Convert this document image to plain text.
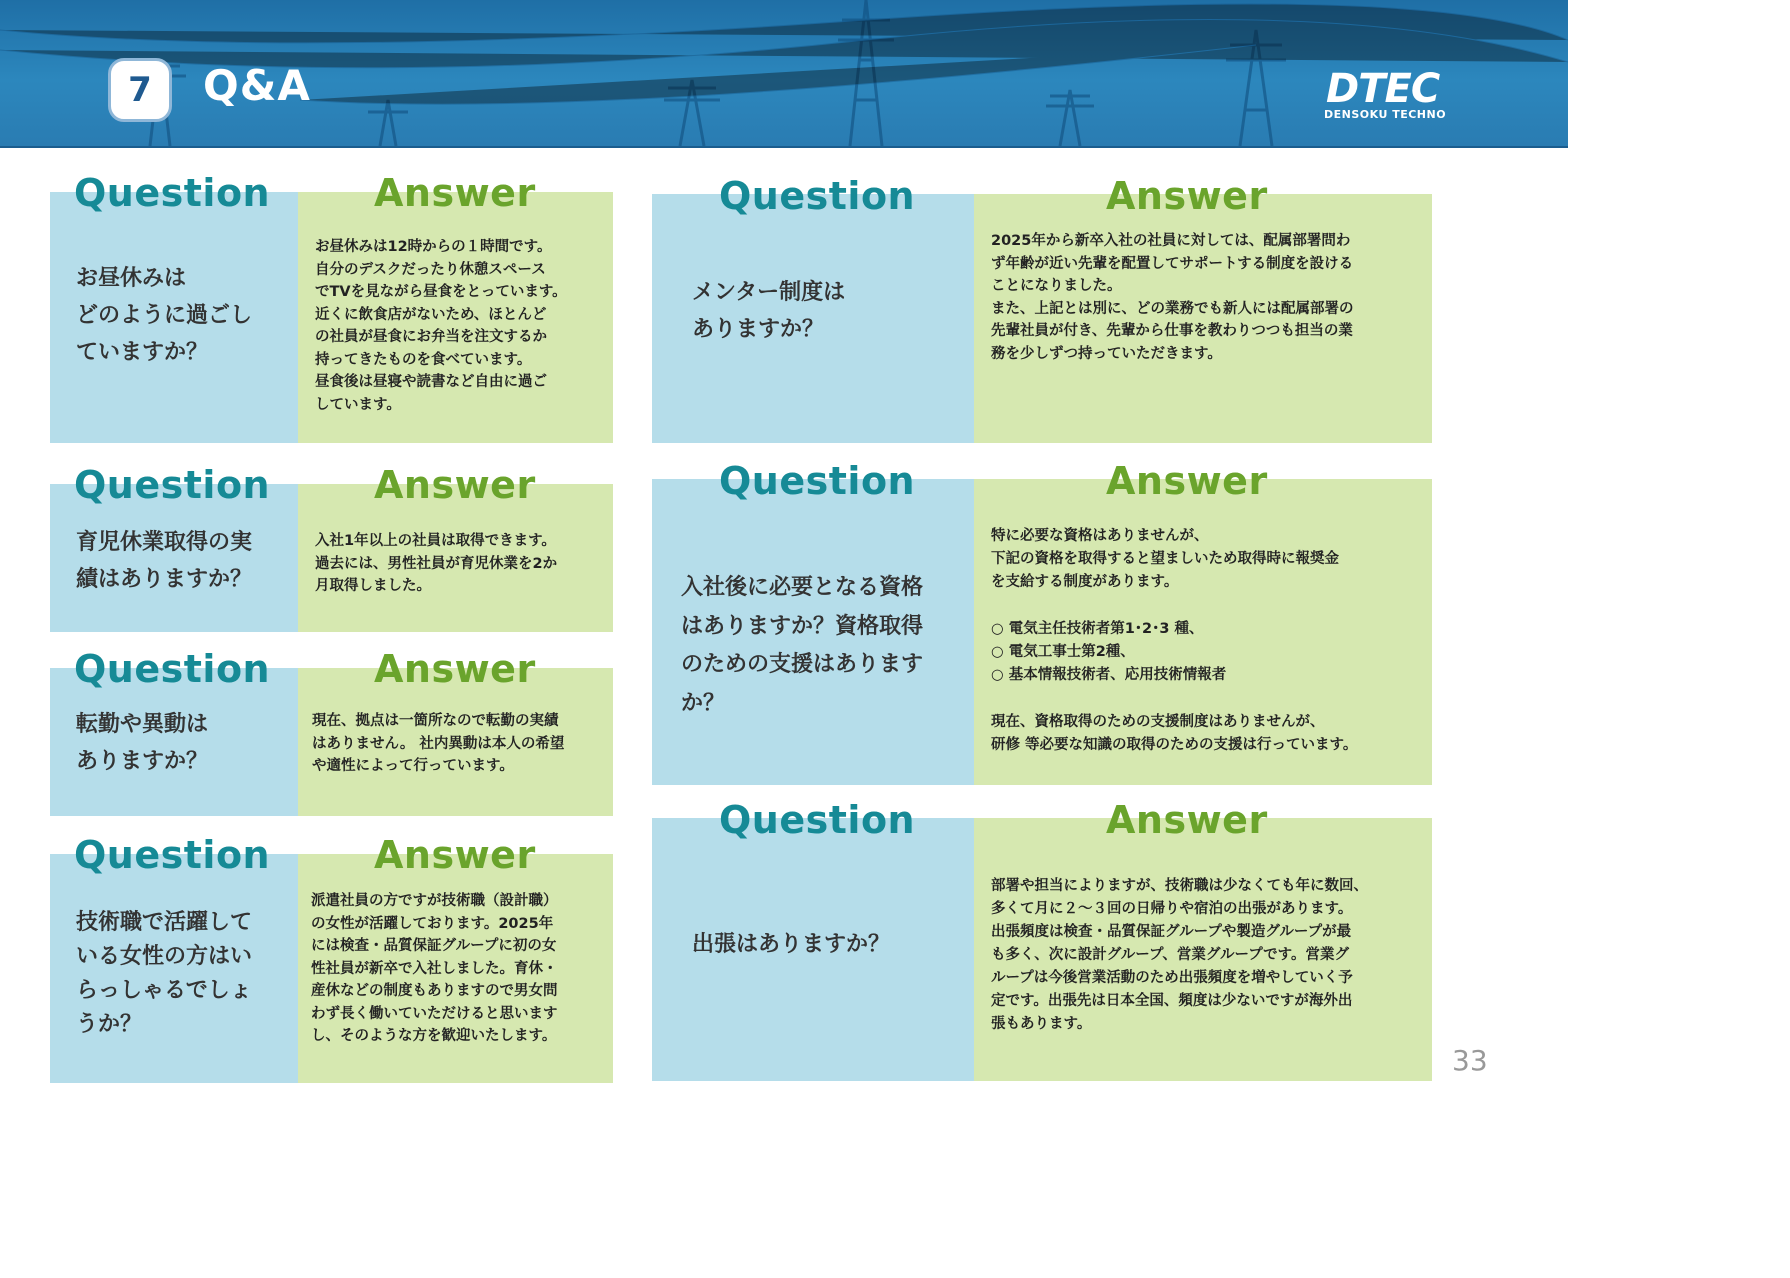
7	Q&A	DTEC
DENSOKU TECHNO
Question	Answer
お昼休みは
どのように過ごし
ていますか？
お昼休みは12時からの１時間です。
自分のデスクだったり休憩スペース
でTVを見ながら昼食をとっています。
近くに飲食店がないため、ほとんど
の社員が昼食にお弁当を注文するか
持ってきたものを食べています。
昼食後は昼寝や読書など自由に過ご
しています。
Question	Answer
育児休業取得の実
績はありますか？
入社1年以上の社員は取得できます。
過去には、男性社員が育児休業を2か
月取得しました。
Question	Answer
転勤や異動は
ありますか？
現在、拠点は一箇所なので転勤の実績
はありません。 社内異動は本人の希望
や適性によって行っています。
Question	Answer
技術職で活躍して
いる女性の方はい
らっしゃるでしょ
うか？
派遣社員の方ですが技術職（設計職）
の女性が活躍しております。2025年
には検査・品質保証グループに初の女
性社員が新卒で入社しました。育休・
産休などの制度もありますので男女問
わず長く働いていただけると思います
し、そのような方を歓迎いたします。
Question	Answer
メンター制度は
ありますか？
2025年から新卒入社の社員に対しては、配属部署問わ
ず年齢が近い先輩を配置してサポートする制度を設ける
ことになりました。
また、上記とは別に、どの業務でも新人には配属部署の
先輩社員が付き、先輩から仕事を教わりつつも担当の業
務を少しずつ持っていただきます。
Question	Answer
入社後に必要となる資格
はありますか？資格取得
のための支援はあります
か？
特に必要な資格はありませんが、
下記の資格を取得すると望ましいため取得時に報奨金
を支給する制度があります。

○ 電気主任技術者第1･2･3 種、
○ 電気工事士第2種、
○ 基本情報技術者、応用技術情報者

現在、資格取得のための支援制度はありませんが、
研修 等必要な知識の取得のための支援は行っています。
Question	Answer
出張はありますか？
部署や担当によりますが、技術職は少なくても年に数回、
多くて月に２～３回の日帰りや宿泊の出張があります。
出張頻度は検査・品質保証グループや製造グループが最
も多く、次に設計グループ、営業グループです。営業グ
ループは今後営業活動のため出張頻度を増やしていく予
定です。出張先は日本全国、頻度は少ないですが海外出
張もあります。
33
